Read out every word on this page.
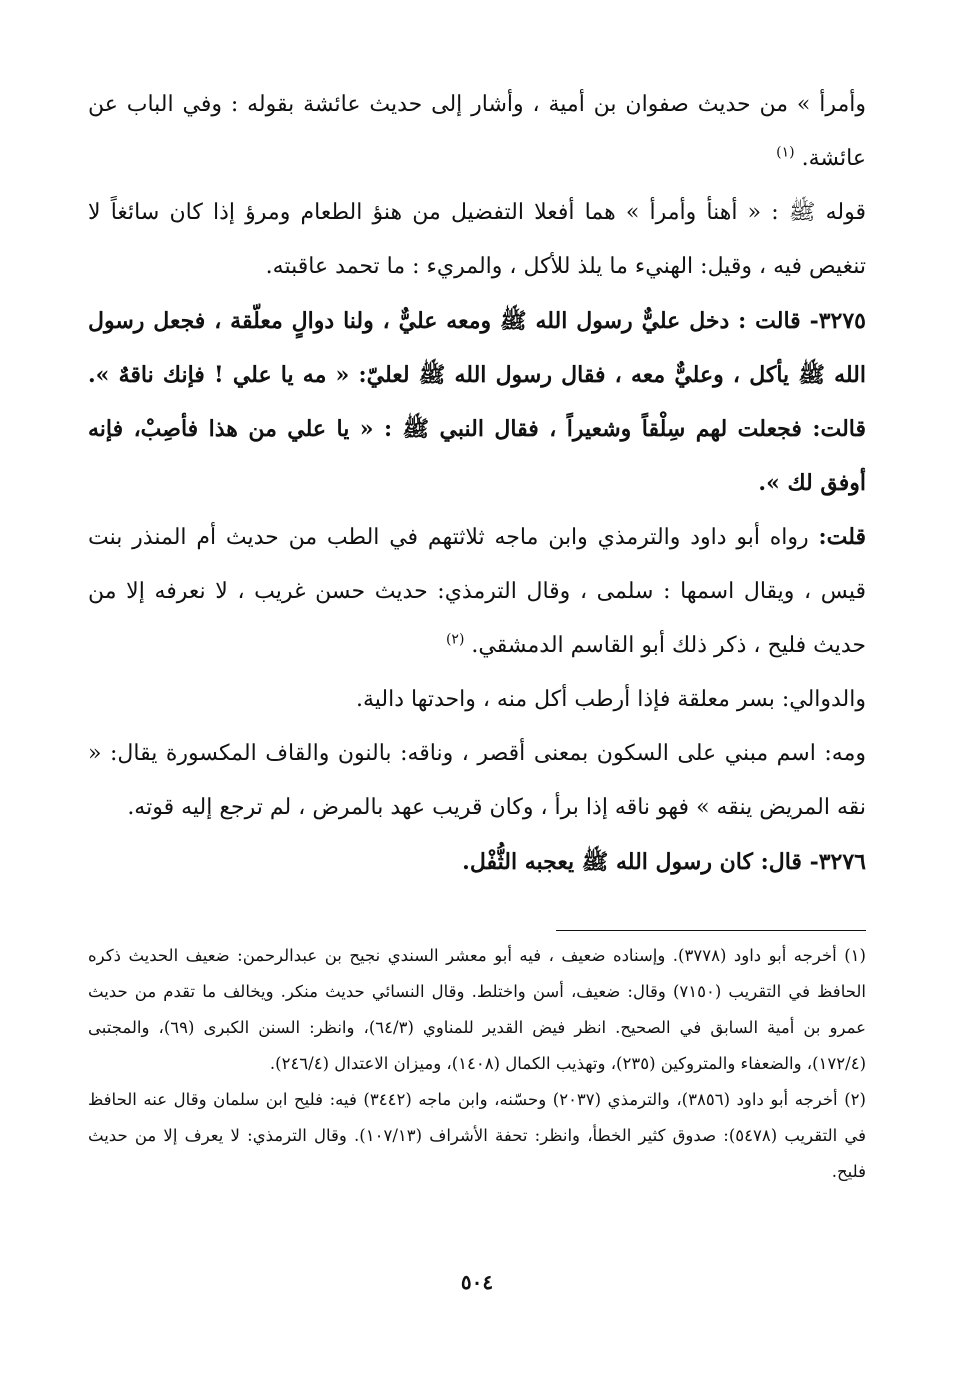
وأمرأ » من حديث صفوان بن أمية ، وأشار إلى حديث عائشة بقوله : وفي الباب عن عائشة. $^{(١)}$

قوله ﷺ : « أهنأ وأمرأ » هما أفعلا التفضيل من هنؤ الطعام ومرؤ إذا كان سائغاً لا تنغيص فيه ، وقيل: الهنيء ما يلذ للأكل ، والمريء : ما تحمد عاقبته.

٣٢٧٥- قالت : دخل عليٌّ رسول الله ﷺ ومعه عليٌّ ، ولنا دوالٍ معلّقة ، فجعل رسول الله ﷺ يأكل ، وعليٌّ معه ، فقال رسول الله ﷺ لعليّ: « مه يا علي ! فإنك ناقهٌ ». قالت: فجعلت لهم سِلْقاً وشعيراً ، فقال النبي ﷺ : « يا علي من هذا فأصِبْ، فإنه أوفق لك ».

قلت: رواه أبو داود والترمذي وابن ماجه ثلاثتهم في الطب من حديث أم المنذر بنت قيس ، ويقال اسمها : سلمى ، وقال الترمذي: حديث حسن غريب ، لا نعرفه إلا من حديث فليح ، ذكر ذلك أبو القاسم الدمشقي. $^{(٢)}$

والدوالي: بسر معلقة فإذا أرطب أكل منه ، واحدتها دالية.

ومه: اسم مبني على السكون بمعنى أقصر ، وناقه: بالنون والقاف المكسورة يقال: « نقه المريض ينقه » فهو ناقه إذا برأ ، وكان قريب عهد بالمرض ، لم ترجع إليه قوته.

٣٢٧٦- قال: كان رسول الله ﷺ يعجبه الثُّفْل.

(١) أخرجه أبو داود (٣٧٧٨). وإسناده ضعيف ، فيه أبو معشر السندي نجيح بن عبدالرحمن: ضعيف الحديث ذكره الحافظ في التقريب (٧١٥٠) وقال: ضعيف، أسن واختلط. وقال النسائي حديث منكر. ويخالف ما تقدم من حديث عمرو بن أمية السابق في الصحيح. انظر فيض القدير للمناوي (٦٤/٣)، وانظر: السنن الكبرى (٦٩)، والمجتبى (١٧٢/٤)، والضعفاء والمتروكين (٢٣٥)، وتهذيب الكمال (١٤٠٨)، وميزان الاعتدال (٢٤٦/٤).

(٢) أخرجه أبو داود (٣٨٥٦)، والترمذي (٢٠٣٧) وحسّنه، وابن ماجه (٣٤٤٢) فيه: فليح ابن سلمان وقال عنه الحافظ في التقريب (٥٤٧٨): صدوق كثير الخطأ، وانظر: تحفة الأشراف (١٠٧/١٣). وقال الترمذي: لا يعرف إلا من حديث فليح.

٥٠٤
